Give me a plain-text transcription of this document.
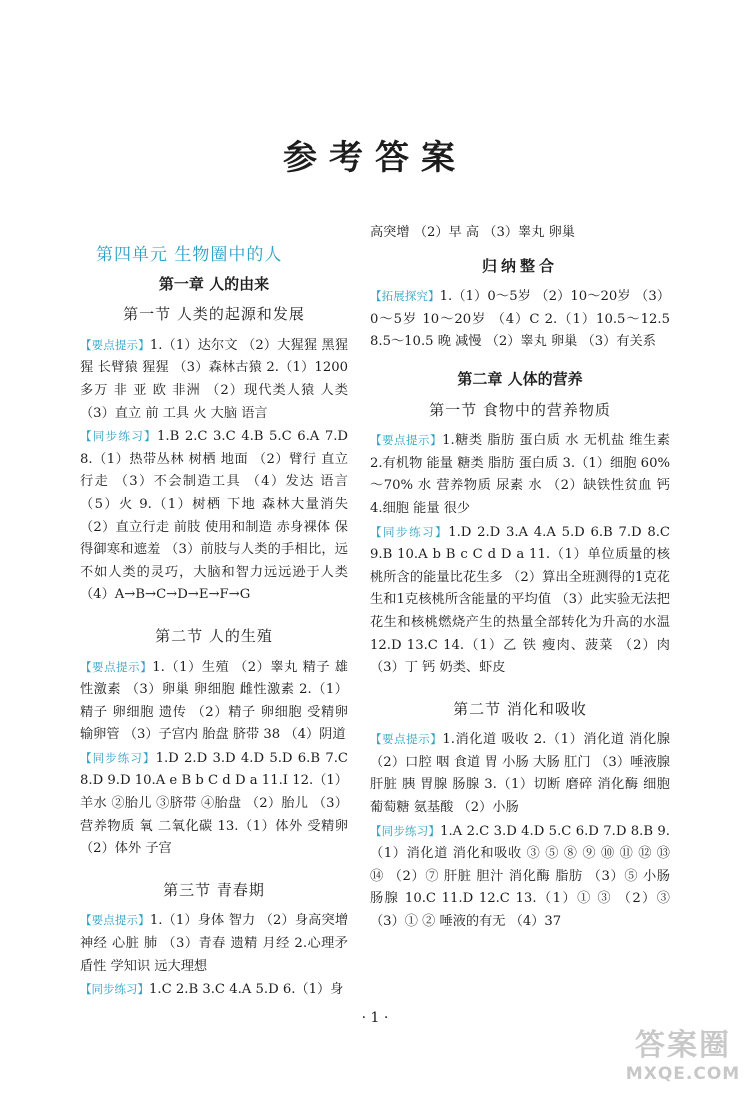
参考答案
第四单元 生物圈中的人
第一章 人的由来
第一节 人类的起源和发展

【要点提示】1.（1）达尔文 （2）大猩猩 黑猩猩 长臂猿 猩猩 （3）森林古猿 2.（1）1200多万 非 亚 欧 非洲 （2）现代类人猿 人类 （3）直立 前 工具 火 大脑 语言

【同步练习】1.B 2.C 3.C 4.B 5.C 6.A 7.D 8.（1）热带丛林 树栖 地面 （2）臂行 直立行走 （3）不会制造工具 （4）发达 语言 （5）火 9.（1）树栖 下地 森林大量消失 （2）直立行走 前肢 使用和制造 赤身裸体 保得御寒和遮羞 （3）前肢与人类的手相比，远不如人类的灵巧，大脑和智力远远逊于人类 （4）A→B→C→D→E→F→G

第二节 人的生殖

【要点提示】1.（1）生殖 （2）睾丸 精子 雄性激素 （3）卵巢 卵细胞 雌性激素 2.（1）精子 卵细胞 遗传 （2）精子 卵细胞 受精卵 输卵管 （3）子宫内 胎盘 脐带 38 （4）阴道

【同步练习】1.D 2.D 3.D 4.D 5.D 6.B 7.C 8.D 9.D 10.A e B b C d D a 11.I 12.（1）羊水 ②胎儿 ③脐带 ④胎盘 （2）胎儿 （3）营养物质 氧 二氧化碳 13.（1）体外 受精卵 （2）体外 子宫

第三节 青春期

【要点提示】1.（1）身体 智力 （2）身高突增 神经 心脏 肺 （3）青春 遗精 月经 2.心理矛盾性 学知识 远大理想

【同步练习】1.C 2.B 3.C 4.A 5.D 6.（1）身

高突增 （2）早 高 （3）睾丸 卵巢

归纳整合

【拓展探究】1.（1）0～5岁 （2）10～20岁 （3）0～5岁 10～20岁 （4）C 2.（1）10.5～12.5 8.5～10.5 晚 减慢 （2）睾丸 卵巢 （3）有关系

第二章 人体的营养
第一节 食物中的营养物质

【要点提示】1.糖类 脂肪 蛋白质 水 无机盐 维生素 2.有机物 能量 糖类 脂肪 蛋白质 3.（1）细胞 60%～70% 水 营养物质 尿素 水 （2）缺铁性贫血 钙 4.细胞 能量 很少

【同步练习】1.D 2.D 3.A 4.A 5.D 6.B 7.D 8.C 9.B 10.A b B c C d D a 11.（1）单位质量的核桃所含的能量比花生多 （2）算出全班测得的1克花生和1克核桃所含能量的平均值 （3）此实验无法把花生和核桃燃烧产生的热量全部转化为升高的水温 12.D 13.C 14.（1）乙 铁 瘦肉、菠菜 （2）肉 （3）丁 钙 奶类、虾皮

第二节 消化和吸收

【要点提示】1.消化道 吸收 2.（1）消化道 消化腺 （2）口腔 咽 食道 胃 小肠 大肠 肛门 （3）唾液腺 肝脏 胰 胃腺 肠腺 3.（1）切断 磨碎 消化酶 细胞 葡萄糖 氨基酸 （2）小肠

【同步练习】1.A 2.C 3.D 4.D 5.C 6.D 7.D 8.B 9.（1）消化道 消化和吸收 ③ ⑤ ⑧ ⑨ ⑩ ⑪ ⑫ ⑬ ⑭ （2）⑦ 肝脏 胆汁 消化酶 脂肪 （3）⑤ 小肠 肠腺 10.C 11.D 12.C 13.（1）① ③ （2）③ （3）① ② 唾液的有无 （4）37

· 1 ·
答案圈
MXQE.COM
